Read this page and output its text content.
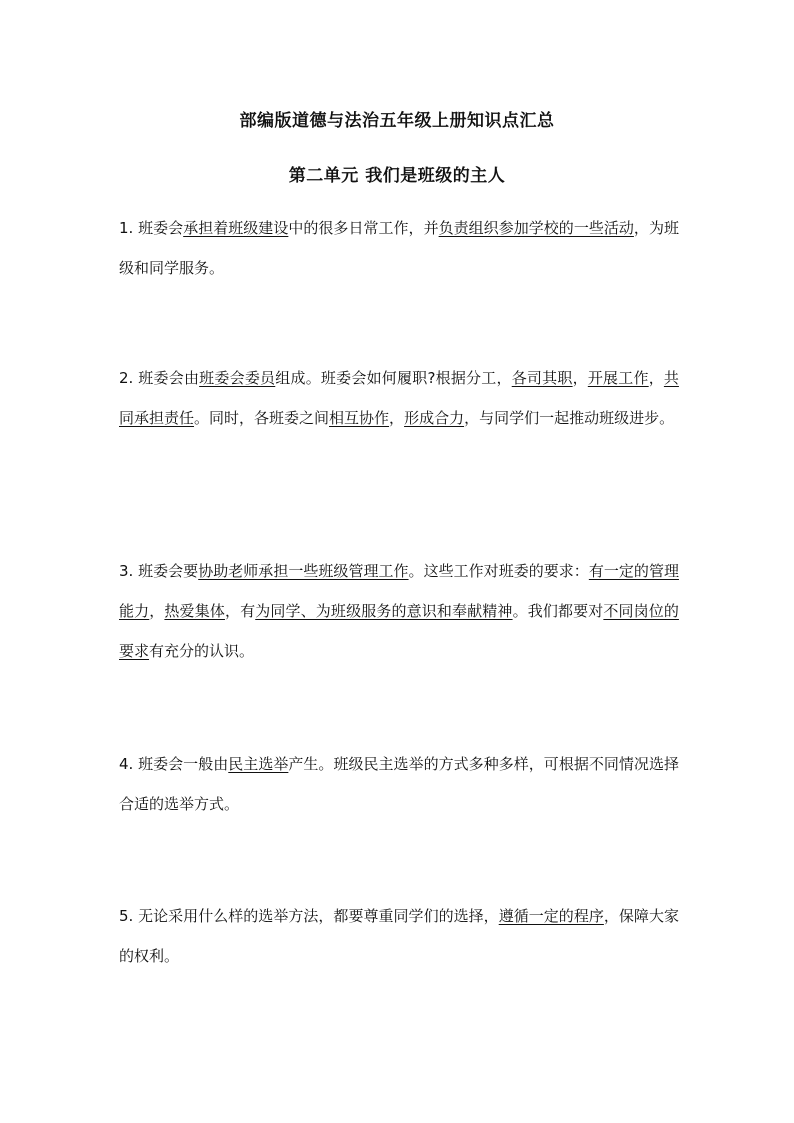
部编版道德与法治五年级上册知识点汇总
第二单元 我们是班级的主人

1. 班委会承担着班级建设中的很多日常工作，并负责组织参加学校的一些活动，为班级和同学服务。

2. 班委会由班委会委员组成。班委会如何履职?根据分工，各司其职，开展工作，共同承担责任。同时，各班委之间相互协作，形成合力，与同学们一起推动班级进步。

3. 班委会要协助老师承担一些班级管理工作。这些工作对班委的要求：有一定的管理能力，热爱集体，有为同学、为班级服务的意识和奉献精神。我们都要对不同岗位的要求有充分的认识。

4. 班委会一般由民主选举产生。班级民主选举的方式多种多样，可根据不同情况选择合适的选举方式。

5. 无论采用什么样的选举方法，都要尊重同学们的选择，遵循一定的程序，保障大家的权利。
